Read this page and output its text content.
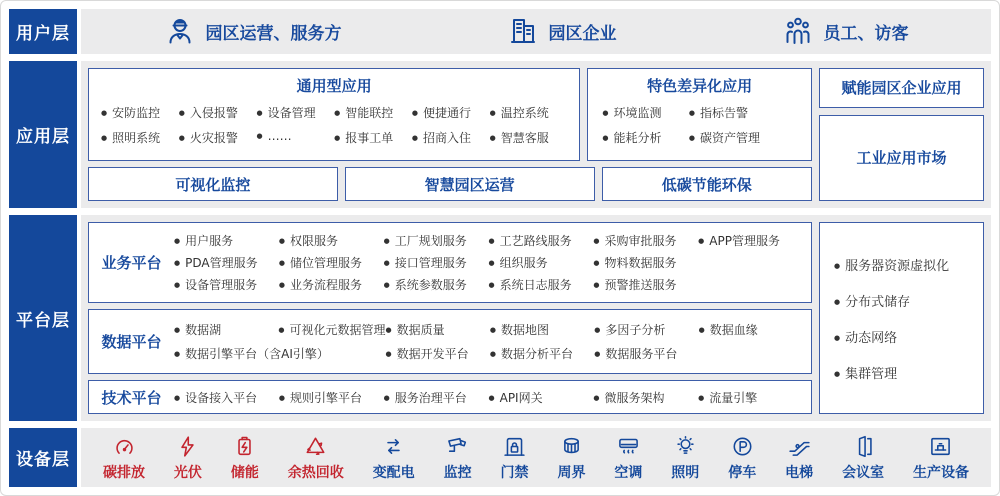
用户层	园区运营、服务方	园区企业	员工、访客
应用层
通用型应用
● 安防监控	● 入侵报警	● 设备管理	● 智能联控	● 便捷通行	● 温控系统
● 照明系统	● 火灾报警	● ……	● 报事工单	● 招商入住	● 智慧客服
特色差异化应用
● 环境监测	● 指标告警
● 能耗分析	● 碳资产管理
可视化监控	智慧园区运营	低碳节能环保
赋能园区企业应用
工业应用市场
平台层
业务平台
● 用户服务	● 权限服务	● 工厂规划服务	● 工艺路线服务	● 采购审批服务	● APP管理服务
● PDA管理服务	● 储位管理服务	● 接口管理服务	● 组织服务	● 物料数据服务
● 设备管理服务	● 业务流程服务	● 系统参数服务	● 系统日志服务	● 预警推送服务
数据平台
● 数据湖	● 可视化元数据管理 ● 数据质量	● 数据地图	● 多因子分析	● 数据血缘
● 数据引擎平台（含AI引擎）	● 数据开发平台	● 数据分析平台	● 数据服务平台
技术平台	● 设备接入平台	● 规则引擎平台	● 服务治理平台	● API网关	● 微服务架构	● 流量引擎
● 服务器资源虚拟化
● 分布式储存
● 动态网络
● 集群管理
设备层
碳排放 光伏 储能 余热回收 变配电 监控 门禁 周界 空调 照明 停车 电梯 会议室 生产设备
